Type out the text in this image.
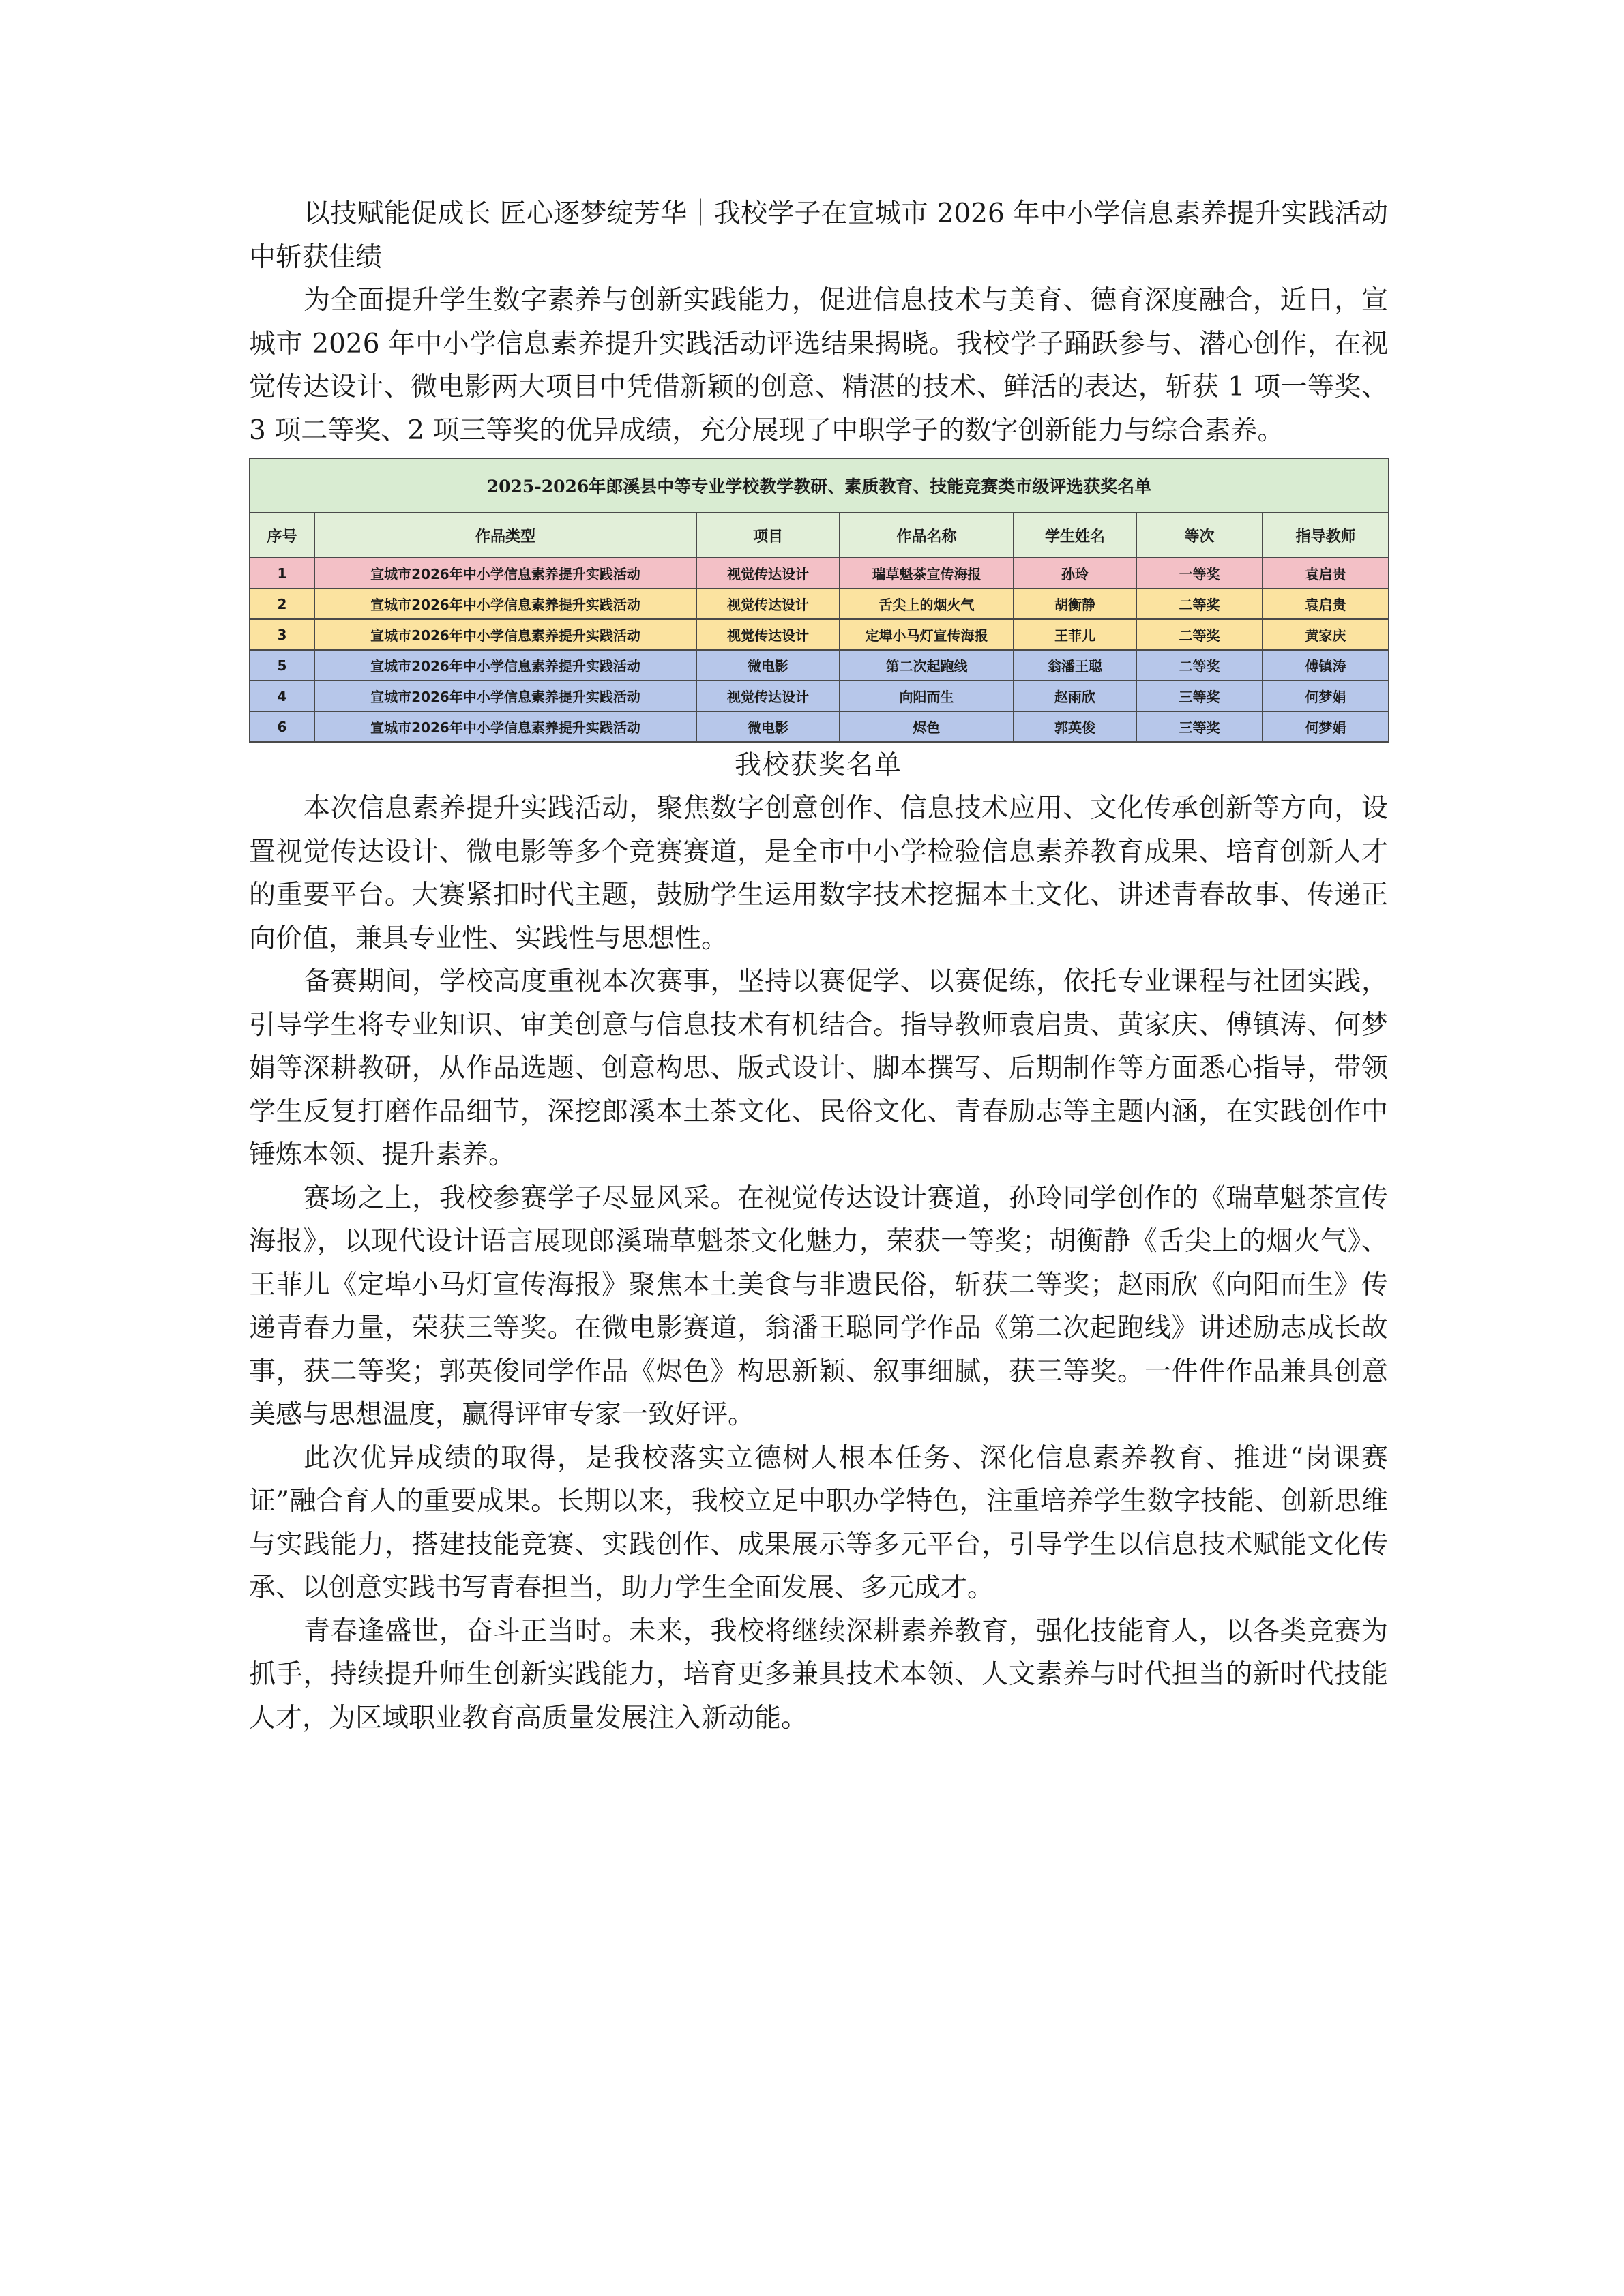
以技赋能促成长 匠心逐梦绽芳华｜我校学子在宣城市 2026 年中小学信息素养提升实践活动中斩获佳绩

为全面提升学生数字素养与创新实践能力，促进信息技术与美育、德育深度融合，近日，宣城市 2026 年中小学信息素养提升实践活动评选结果揭晓。我校学子踊跃参与、潜心创作，在视觉传达设计、微电影两大项目中凭借新颖的创意、精湛的技术、鲜活的表达，斩获 1 项一等奖、3 项二等奖、2 项三等奖的优异成绩，充分展现了中职学子的数字创新能力与综合素养。

2025-2026年郎溪县中等专业学校教学教研、素质教育、技能竞赛类市级评选获奖名单						
序号	作品类型	项目	作品名称	学生姓名	等次	指导教师
1	宣城市2026年中小学信息素养提升实践活动	视觉传达设计	瑞草魁茶宣传海报	孙玲	一等奖	袁启贵
2	宣城市2026年中小学信息素养提升实践活动	视觉传达设计	舌尖上的烟火气	胡衡静	二等奖	袁启贵
3	宣城市2026年中小学信息素养提升实践活动	视觉传达设计	定埠小马灯宣传海报	王菲儿	二等奖	黄家庆
5	宣城市2026年中小学信息素养提升实践活动	微电影	第二次起跑线	翁潘王聪	二等奖	傅镇涛
4	宣城市2026年中小学信息素养提升实践活动	视觉传达设计	向阳而生	赵雨欣	三等奖	何梦娟
6	宣城市2026年中小学信息素养提升实践活动	微电影	烬色	郭英俊	三等奖	何梦娟

我校获奖名单

本次信息素养提升实践活动，聚焦数字创意创作、信息技术应用、文化传承创新等方向，设置视觉传达设计、微电影等多个竞赛赛道，是全市中小学检验信息素养教育成果、培育创新人才的重要平台。大赛紧扣时代主题，鼓励学生运用数字技术挖掘本土文化、讲述青春故事、传递正向价值，兼具专业性、实践性与思想性。

备赛期间，学校高度重视本次赛事，坚持以赛促学、以赛促练，依托专业课程与社团实践，引导学生将专业知识、审美创意与信息技术有机结合。指导教师袁启贵、黄家庆、傅镇涛、何梦娟等深耕教研，从作品选题、创意构思、版式设计、脚本撰写、后期制作等方面悉心指导，带领学生反复打磨作品细节，深挖郎溪本土茶文化、民俗文化、青春励志等主题内涵，在实践创作中锤炼本领、提升素养。

赛场之上，我校参赛学子尽显风采。在视觉传达设计赛道，孙玲同学创作的《瑞草魁茶宣传海报》，以现代设计语言展现郎溪瑞草魁茶文化魅力，荣获一等奖；胡衡静《舌尖上的烟火气》、王菲儿《定埠小马灯宣传海报》聚焦本土美食与非遗民俗，斩获二等奖；赵雨欣《向阳而生》传递青春力量，荣获三等奖。在微电影赛道，翁潘王聪同学作品《第二次起跑线》讲述励志成长故事，获二等奖；郭英俊同学作品《烬色》构思新颖、叙事细腻，获三等奖。一件件作品兼具创意美感与思想温度，赢得评审专家一致好评。

此次优异成绩的取得，是我校落实立德树人根本任务、深化信息素养教育、推进“岗课赛证”融合育人的重要成果。长期以来，我校立足中职办学特色，注重培养学生数字技能、创新思维与实践能力，搭建技能竞赛、实践创作、成果展示等多元平台，引导学生以信息技术赋能文化传承、以创意实践书写青春担当，助力学生全面发展、多元成才。

青春逢盛世，奋斗正当时。未来，我校将继续深耕素养教育，强化技能育人，以各类竞赛为抓手，持续提升师生创新实践能力，培育更多兼具技术本领、人文素养与时代担当的新时代技能人才，为区域职业教育高质量发展注入新动能。
